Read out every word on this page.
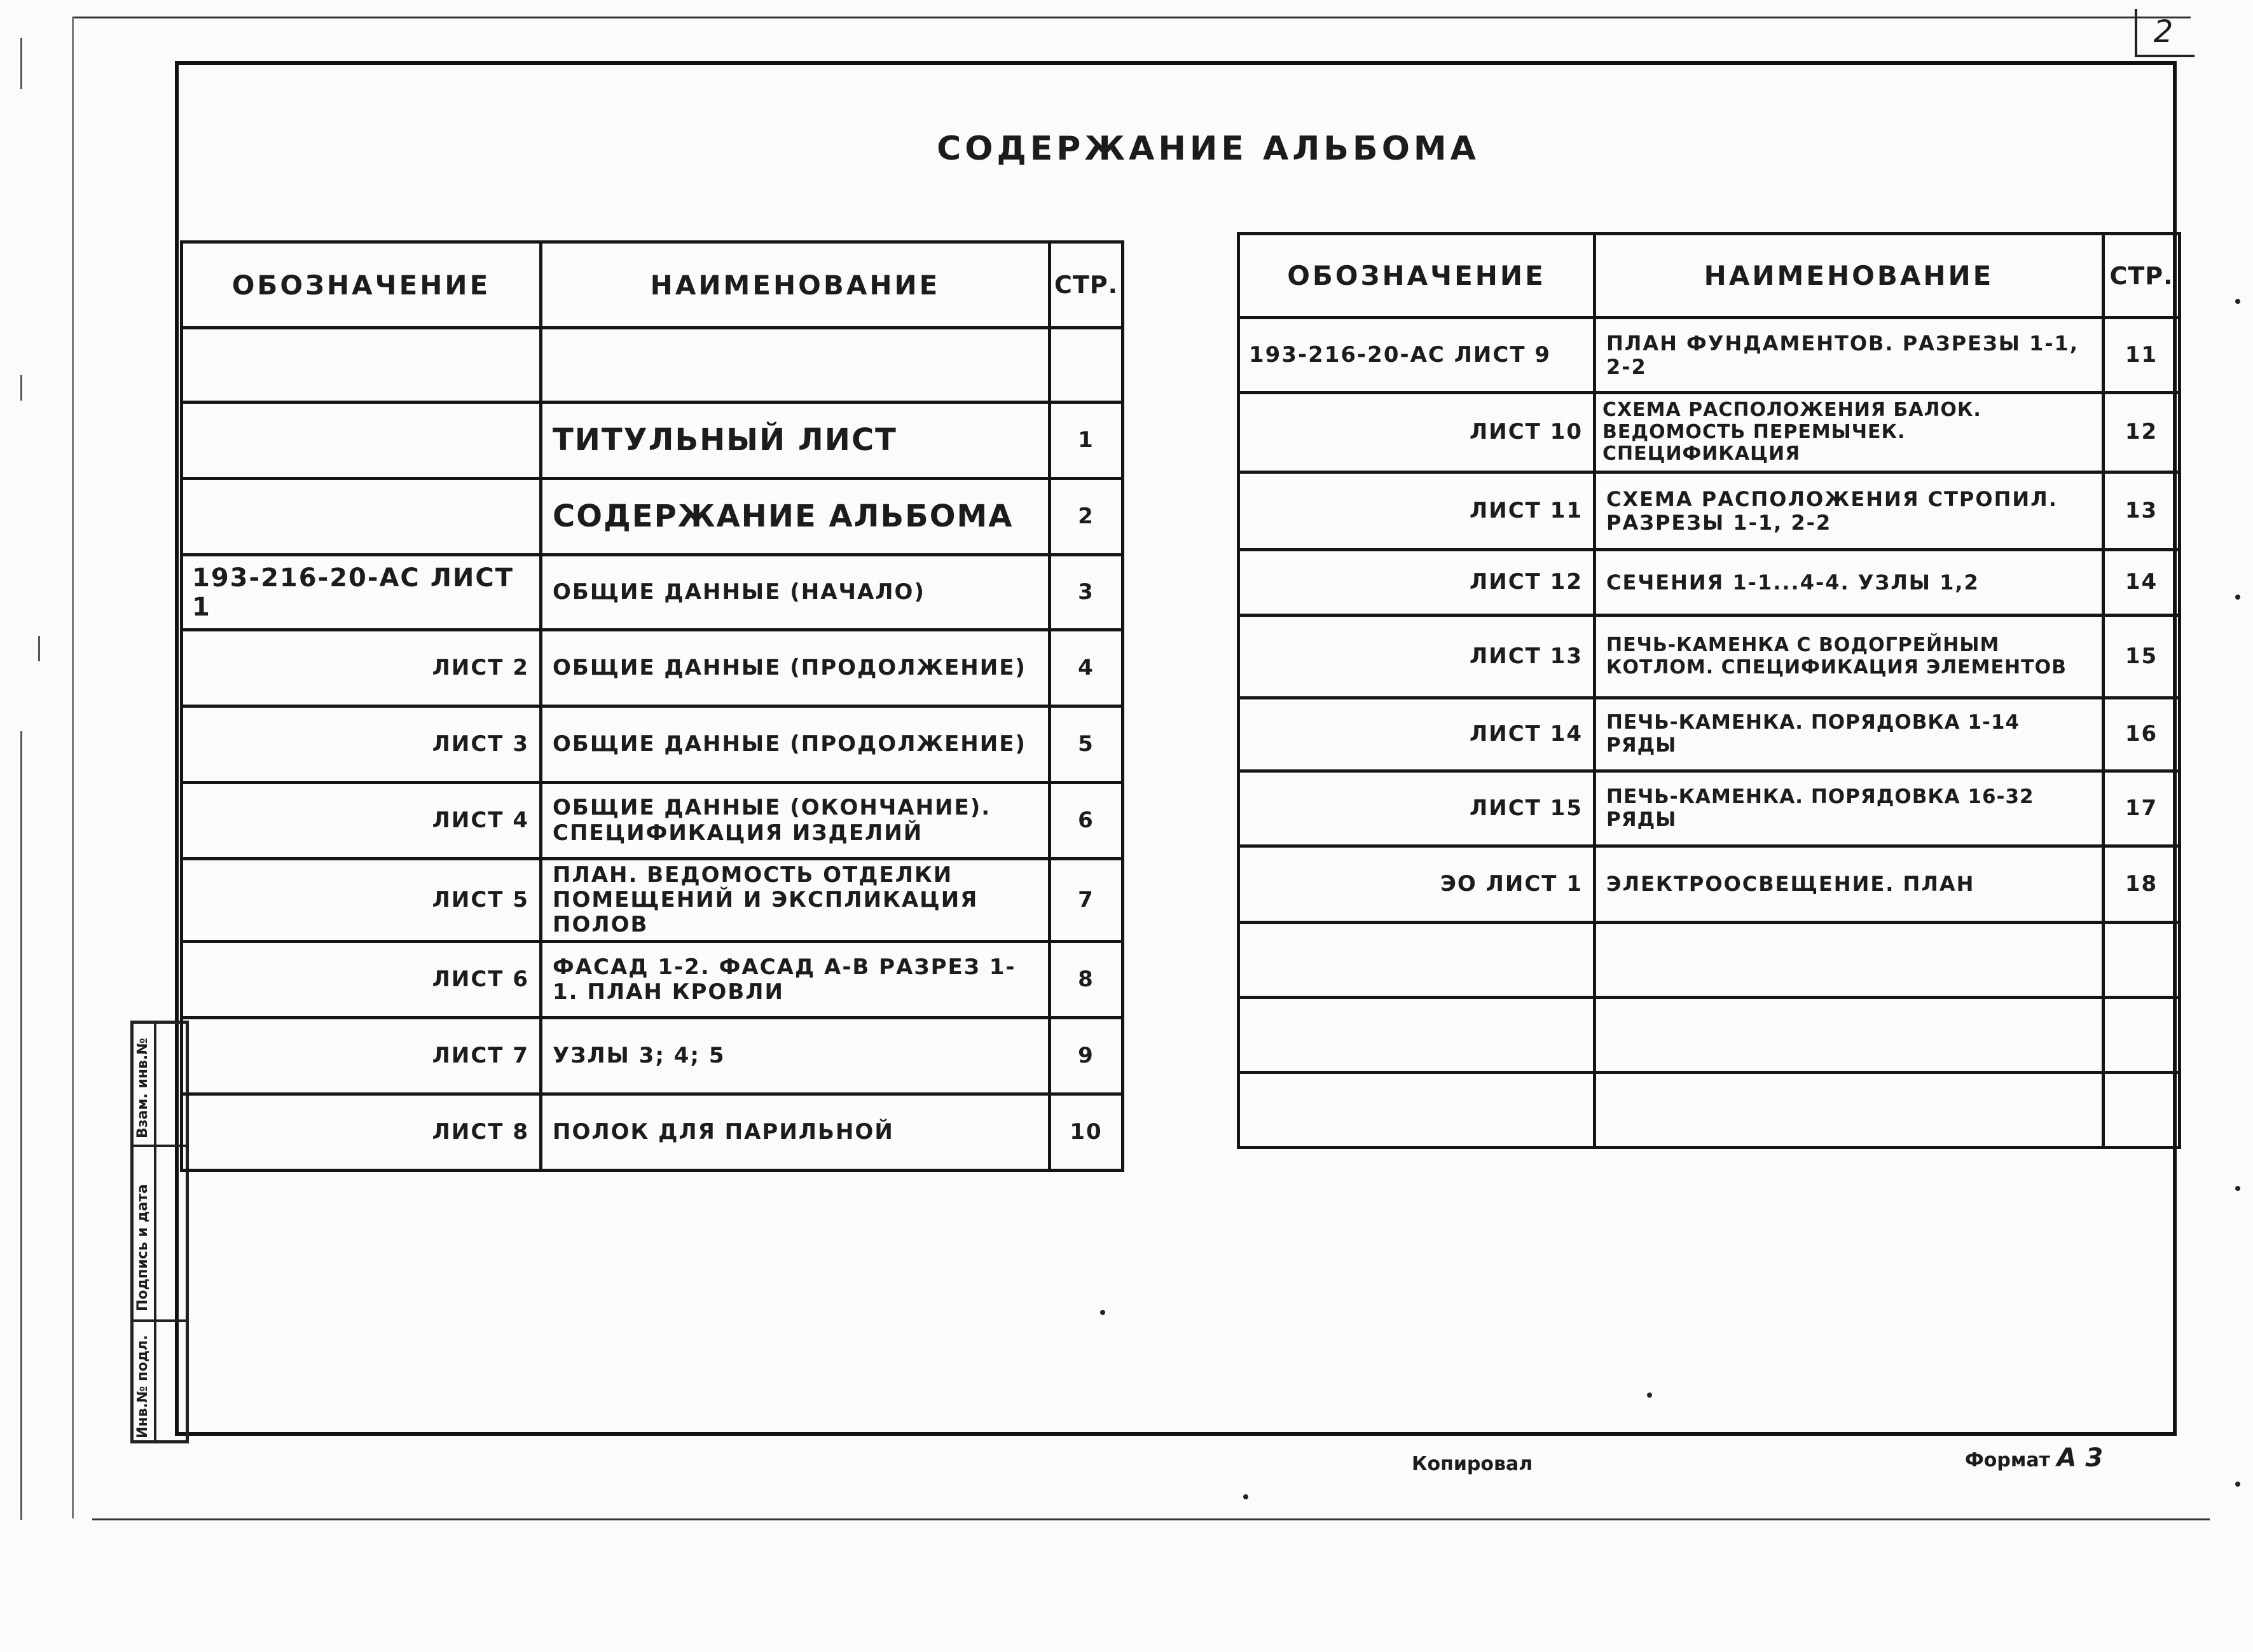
2
СОДЕРЖАНИЕ АЛЬБОМА
Взам. инв.№
Подпись и дата
Инв.№ подл.
ОБОЗНАЧЕНИЕ	НАИМЕНОВАНИЕ	СТР.

	ТИТУЛЬНЫЙ ЛИСТ	1
	СОДЕРЖАНИЕ АЛЬБОМА	2
193-216-20-АС ЛИСТ 1	ОБЩИЕ ДАННЫЕ (НАЧАЛО)	3
ЛИСТ 2	ОБЩИЕ ДАННЫЕ (ПРОДОЛЖЕНИЕ)	4
ЛИСТ 3	ОБЩИЕ ДАННЫЕ (ПРОДОЛЖЕНИЕ)	5
ЛИСТ 4	ОБЩИЕ ДАННЫЕ (ОКОНЧАНИЕ). СПЕЦИФИКАЦИЯ ИЗДЕЛИЙ	6
ЛИСТ 5	ПЛАН. ВЕДОМОСТЬ ОТДЕЛКИ ПОМЕЩЕНИЙ И ЭКСПЛИКАЦИЯ ПОЛОВ	7
ЛИСТ 6	ФАСАД 1-2. ФАСАД А-В РАЗРЕЗ 1-1. ПЛАН КРОВЛИ	8
ЛИСТ 7	УЗЛЫ 3; 4; 5	9
ЛИСТ 8	ПОЛОК ДЛЯ ПАРИЛЬНОЙ	10
ОБОЗНАЧЕНИЕ	НАИМЕНОВАНИЕ	СТР.
193-216-20-АС ЛИСТ 9	ПЛАН ФУНДАМЕНТОВ. РАЗРЕЗЫ 1-1, 2-2	11
ЛИСТ 10	СХЕМА РАСПОЛОЖЕНИЯ БАЛОК. ВЕДОМОСТЬ ПЕРЕМЫЧЕК. СПЕЦИФИКАЦИЯ	12
ЛИСТ 11	СХЕМА РАСПОЛОЖЕНИЯ СТРОПИЛ. РАЗРЕЗЫ 1-1, 2-2	13
ЛИСТ 12	СЕЧЕНИЯ 1-1...4-4. УЗЛЫ 1,2	14
ЛИСТ 13	ПЕЧЬ-КАМЕНКА С ВОДОГРЕЙНЫМ КОТЛОМ. СПЕЦИФИКАЦИЯ ЭЛЕМЕНТОВ	15
ЛИСТ 14	ПЕЧЬ-КАМЕНКА. ПОРЯДОВКА 1-14 РЯДЫ	16
ЛИСТ 15	ПЕЧЬ-КАМЕНКА. ПОРЯДОВКА 16-32 РЯДЫ	17
ЭО ЛИСТ 1	ЭЛЕКТРООСВЕЩЕНИЕ. ПЛАН	18

Копировал	Формат А 3
